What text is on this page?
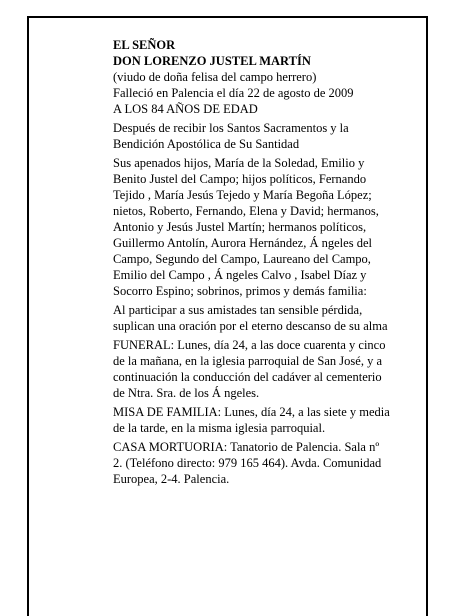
EL SEÑOR
DON LORENZO JUSTEL MARTÍN
(viudo de doña felisa del campo herrero)
Falleció en Palencia el día 22 de agosto de 2009

A LOS 84 AÑOS DE EDAD

Después de recibir los Santos Sacramentos y la
Bendición Apostólica de Su Santidad

Sus apenados hijos, María de la Soledad, Emilio y
Benito Justel del Campo; hijos políticos, Fernando
Tejido , María Jesús Tejedo y María Begoña López;
nietos, Roberto, Fernando, Elena y David; hermanos,
Antonio y Jesús Justel Martín; hermanos políticos,
Guillermo Antolín, Aurora Hernández, Á ngeles del
Campo, Segundo del Campo, Laureano del Campo,
Emilio del Campo , Á ngeles Calvo , Isabel Díaz y
Socorro Espino; sobrinos, primos y demás familia:

Al participar a sus amistades tan sensible pérdida,
suplican una oración por el eterno descanso de su alma

FUNERAL: Lunes, día 24, a las doce cuarenta y cinco
de la mañana, en la iglesia parroquial de San José, y a
continuación la conducción del cadáver al cementerio
de Ntra. Sra. de los Á ngeles.

MISA DE FAMILIA: Lunes, día 24, a las siete y media
de la tarde, en la misma iglesia parroquial.

CASA MORTUORIA: Tanatorio de Palencia. Sala nº
2. (Teléfono directo: 979 165 464). Avda. Comunidad
Europea, 2-4. Palencia.
